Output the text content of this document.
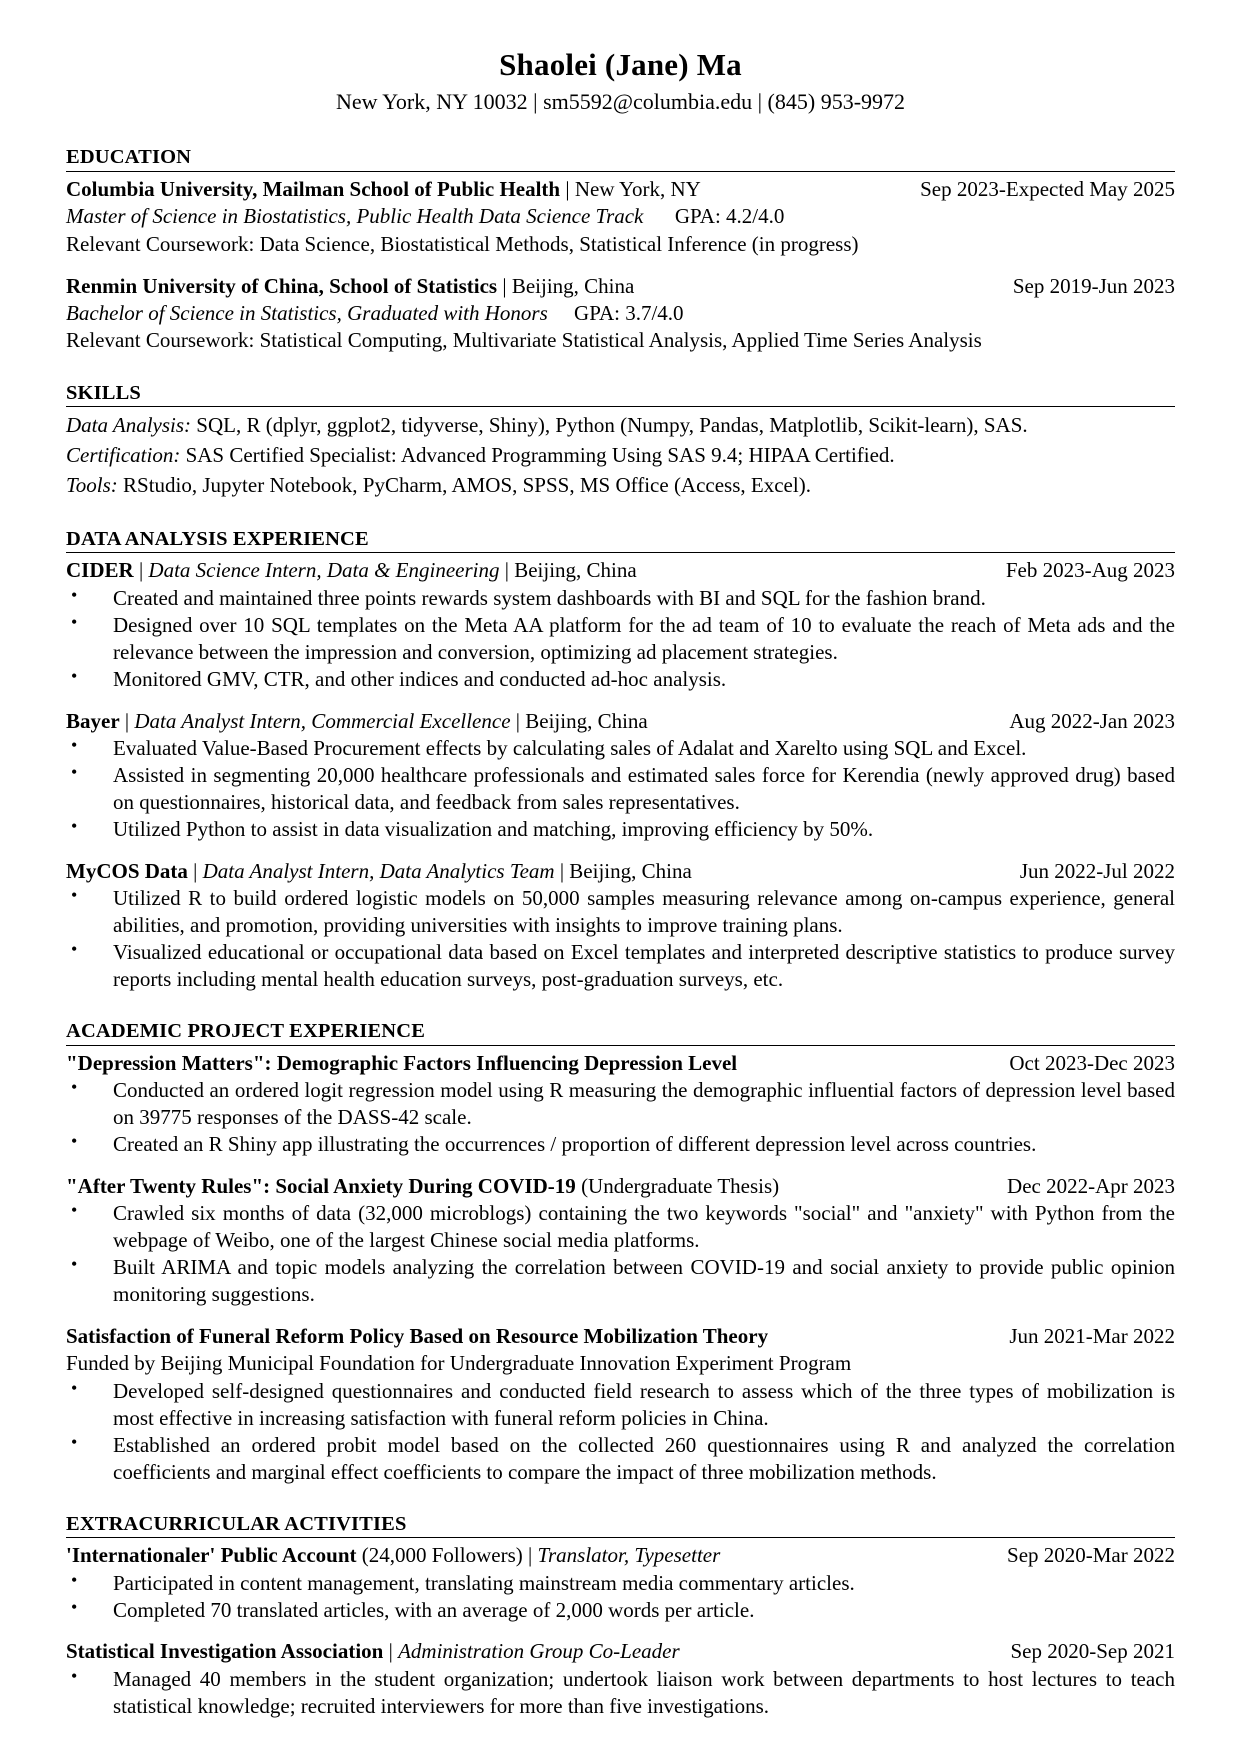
Shaolei (Jane) Ma

New York, NY 10032 | sm5592@columbia.edu | (845) 953-9972

EDUCATION
Columbia University, Mailman School of Public Health | New York, NY	Sep 2023-Expected May 2025
Master of Science in Biostatistics, Public Health Data Science Track GPA: 4.2/4.0
Relevant Coursework: Data Science, Biostatistical Methods, Statistical Inference (in progress)
Renmin University of China, School of Statistics | Beijing, China	Sep 2019-Jun 2023
Bachelor of Science in Statistics, Graduated with Honors GPA: 3.7/4.0
Relevant Coursework: Statistical Computing, Multivariate Statistical Analysis, Applied Time Series Analysis
SKILLS
Data Analysis: SQL, R (dplyr, ggplot2, tidyverse, Shiny), Python (Numpy, Pandas, Matplotlib, Scikit-learn), SAS.
Certification: SAS Certified Specialist: Advanced Programming Using SAS 9.4; HIPAA Certified.
Tools: RStudio, Jupyter Notebook, PyCharm, AMOS, SPSS, MS Office (Access, Excel).
DATA ANALYSIS EXPERIENCE
CIDER | Data Science Intern, Data & Engineering | Beijing, China	Feb 2023-Aug 2023
• Created and maintained three points rewards system dashboards with BI and SQL for the fashion brand.
• Designed over 10 SQL templates on the Meta AA platform for the ad team of 10 to evaluate the reach of Meta ads and the relevance between the impression and conversion, optimizing ad placement strategies.
• Monitored GMV, CTR, and other indices and conducted ad-hoc analysis.
Bayer | Data Analyst Intern, Commercial Excellence | Beijing, China	Aug 2022-Jan 2023
• Evaluated Value-Based Procurement effects by calculating sales of Adalat and Xarelto using SQL and Excel.
• Assisted in segmenting 20,000 healthcare professionals and estimated sales force for Kerendia (newly approved drug) based on questionnaires, historical data, and feedback from sales representatives.
• Utilized Python to assist in data visualization and matching, improving efficiency by 50%.
MyCOS Data | Data Analyst Intern, Data Analytics Team | Beijing, China	Jun 2022-Jul 2022
• Utilized R to build ordered logistic models on 50,000 samples measuring relevance among on-campus experience, general abilities, and promotion, providing universities with insights to improve training plans.
• Visualized educational or occupational data based on Excel templates and interpreted descriptive statistics to produce survey reports including mental health education surveys, post-graduation surveys, etc.
ACADEMIC PROJECT EXPERIENCE
"Depression Matters": Demographic Factors Influencing Depression Level	Oct 2023-Dec 2023
• Conducted an ordered logit regression model using R measuring the demographic influential factors of depression level based on 39775 responses of the DASS-42 scale.
• Created an R Shiny app illustrating the occurrences / proportion of different depression level across countries.
"After Twenty Rules": Social Anxiety During COVID-19 (Undergraduate Thesis)	Dec 2022-Apr 2023
• Crawled six months of data (32,000 microblogs) containing the two keywords "social" and "anxiety" with Python from the webpage of Weibo, one of the largest Chinese social media platforms.
• Built ARIMA and topic models analyzing the correlation between COVID-19 and social anxiety to provide public opinion monitoring suggestions.
Satisfaction of Funeral Reform Policy Based on Resource Mobilization Theory	Jun 2021-Mar 2022
Funded by Beijing Municipal Foundation for Undergraduate Innovation Experiment Program
• Developed self-designed questionnaires and conducted field research to assess which of the three types of mobilization is most effective in increasing satisfaction with funeral reform policies in China.
• Established an ordered probit model based on the collected 260 questionnaires using R and analyzed the correlation coefficients and marginal effect coefficients to compare the impact of three mobilization methods.
EXTRACURRICULAR ACTIVITIES
'Internationaler' Public Account (24,000 Followers) | Translator, Typesetter	Sep 2020-Mar 2022
• Participated in content management, translating mainstream media commentary articles.
• Completed 70 translated articles, with an average of 2,000 words per article.
Statistical Investigation Association | Administration Group Co-Leader	Sep 2020-Sep 2021
• Managed 40 members in the student organization; undertook liaison work between departments to host lectures to teach statistical knowledge; recruited interviewers for more than five investigations.
